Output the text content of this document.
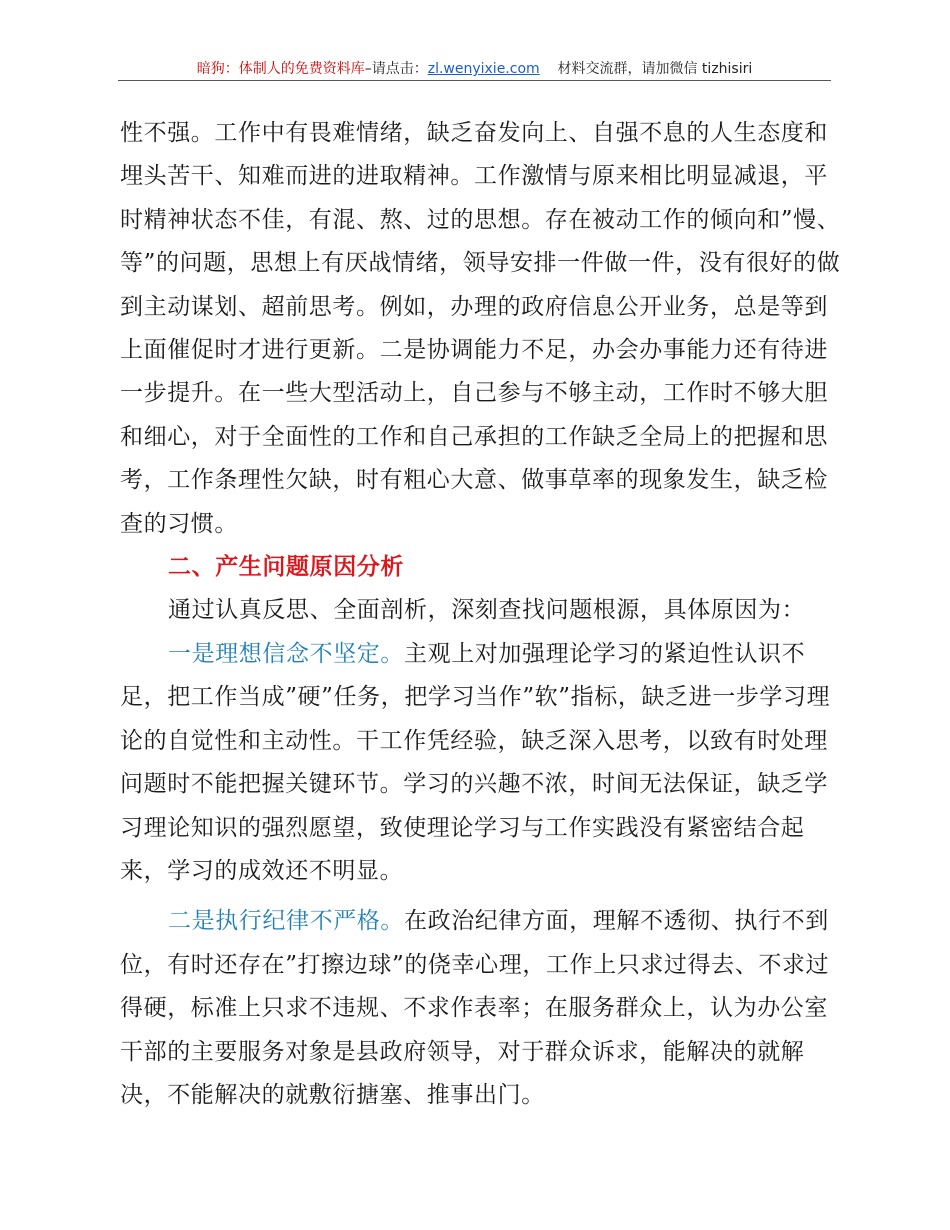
暗狗：体制人的免费资料库–请点击：zl.wenyixie.com 材料交流群，请加微信 tizhisiri

性不强。工作中有畏难情绪，缺乏奋发向上、自强不息的人生态度和埋头苦干、知难而进的进取精神。工作激情与原来相比明显减退，平时精神状态不佳，有混、熬、过的思想。存在被动工作的倾向和”慢、等”的问题，思想上有厌战情绪，领导安排一件做一件，没有很好的做到主动谋划、超前思考。例如，办理的政府信息公开业务，总是等到上面催促时才进行更新。二是协调能力不足，办会办事能力还有待进一步提升。在一些大型活动上，自己参与不够主动，工作时不够大胆和细心，对于全面性的工作和自己承担的工作缺乏全局上的把握和思考，工作条理性欠缺，时有粗心大意、做事草率的现象发生，缺乏检查的习惯。

二、产生问题原因分析

通过认真反思、全面剖析，深刻查找问题根源，具体原因为：

一是理想信念不坚定。主观上对加强理论学习的紧迫性认识不足，把工作当成”硬”任务，把学习当作”软”指标，缺乏进一步学习理论的自觉性和主动性。干工作凭经验，缺乏深入思考，以致有时处理问题时不能把握关键环节。学习的兴趣不浓，时间无法保证，缺乏学习理论知识的强烈愿望，致使理论学习与工作实践没有紧密结合起来，学习的成效还不明显。

二是执行纪律不严格。在政治纪律方面，理解不透彻、执行不到位，有时还存在”打擦边球”的侥幸心理，工作上只求过得去、不求过得硬，标准上只求不违规、不求作表率；在服务群众上，认为办公室干部的主要服务对象是县政府领导，对于群众诉求，能解决的就解决，不能解决的就敷衍搪塞、推事出门。
